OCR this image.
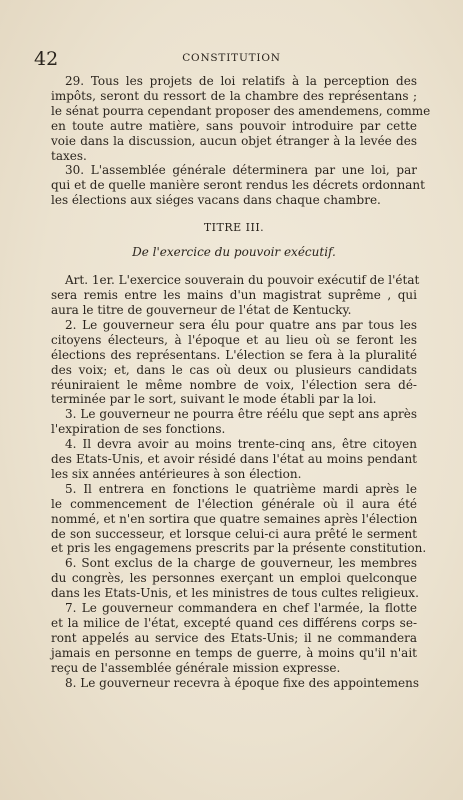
42	CONSTITUTION

29. Tous les projets de loi relatifs à la perception des
impôts, seront du ressort de la chambre des représentans ;
le sénat pourra cependant proposer des amendemens, comme
en toute autre matière, sans pouvoir introduire par cette
voie dans la discussion, aucun objet étranger à la levée des
taxes.

30. L'assemblée générale déterminera par une loi, par
qui et de quelle manière seront rendus les décrets ordonnant
les élections aux siéges vacans dans chaque chambre.

TITRE III.

De l'exercice du pouvoir exécutif.

Art. 1er. L'exercice souverain du pouvoir exécutif de l'état
sera remis entre les mains d'un magistrat suprême , qui
aura le titre de gouverneur de l'état de Kentucky.

2. Le gouverneur sera élu pour quatre ans par tous les
citoyens électeurs, à l'époque et au lieu où se feront les
élections des représentans. L'élection se fera à la pluralité
des voix; et, dans le cas où deux ou plusieurs candidats
réuniraient le même nombre de voix, l'élection sera dé-
terminée par le sort, suivant le mode établi par la loi.

3. Le gouverneur ne pourra être réélu que sept ans après
l'expiration de ses fonctions.

4. Il devra avoir au moins trente-cinq ans, être citoyen
des Etats-Unis, et avoir résidé dans l'état au moins pendant
les six années antérieures à son élection.

5. Il entrera en fonctions le quatrième mardi après le
le commencement de l'élection générale où il aura été
nommé, et n'en sortira que quatre semaines après l'élection
de son successeur, et lorsque celui-ci aura prêté le serment
et pris les engagemens prescrits par la présente constitution.

6. Sont exclus de la charge de gouverneur, les membres
du congrès, les personnes exerçant un emploi quelconque
dans les Etats-Unis, et les ministres de tous cultes religieux.

7. Le gouverneur commandera en chef l'armée, la flotte
et la milice de l'état, excepté quand ces différens corps se-
ront appelés au service des Etats-Unis; il ne commandera
jamais en personne en temps de guerre, à moins qu'il n'ait
reçu de l'assemblée générale mission expresse.

8. Le gouverneur recevra à époque fixe des appointemens
